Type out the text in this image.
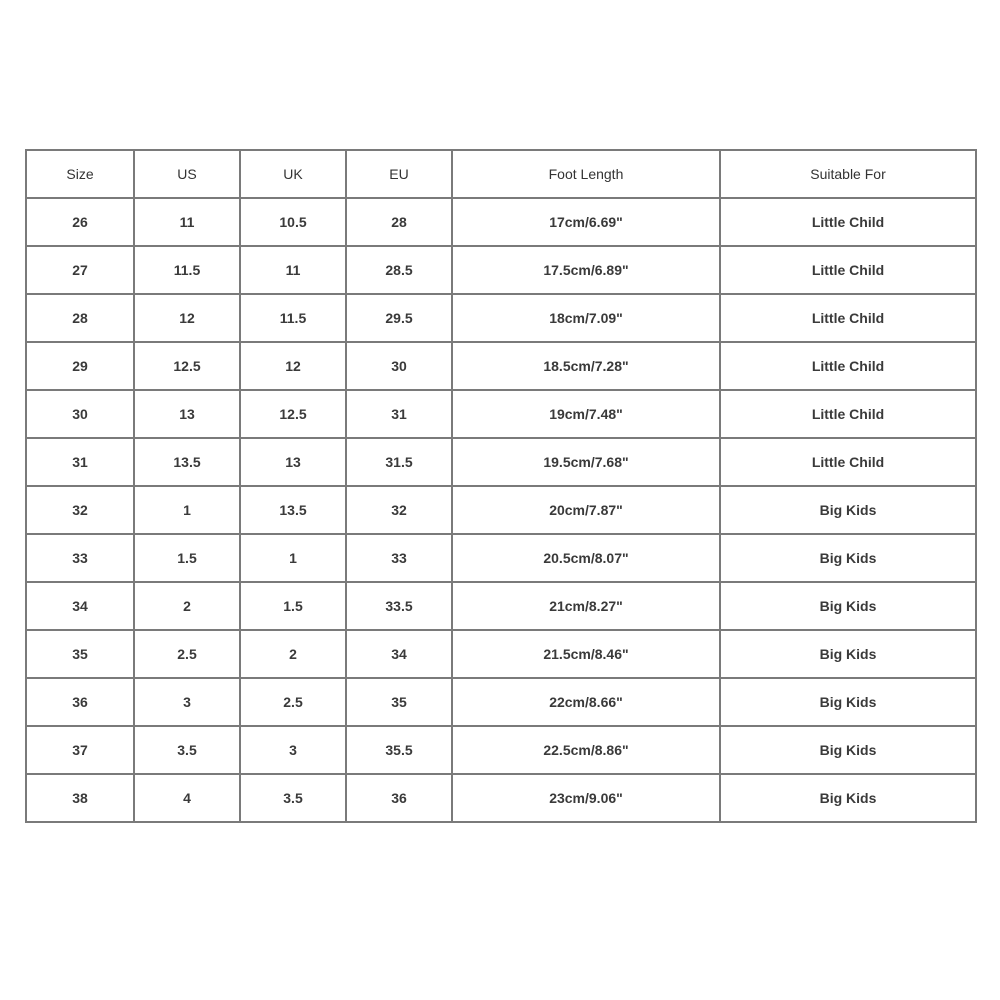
Size	US	UK	EU	Foot Length	Suitable For
26	11	10.5	28	17cm/6.69"	Little Child
27	11.5	11	28.5	17.5cm/6.89"	Little Child
28	12	11.5	29.5	18cm/7.09"	Little Child
29	12.5	12	30	18.5cm/7.28"	Little Child
30	13	12.5	31	19cm/7.48"	Little Child
31	13.5	13	31.5	19.5cm/7.68"	Little Child
32	1	13.5	32	20cm/7.87"	Big Kids
33	1.5	1	33	20.5cm/8.07"	Big Kids
34	2	1.5	33.5	21cm/8.27"	Big Kids
35	2.5	2	34	21.5cm/8.46"	Big Kids
36	3	2.5	35	22cm/8.66"	Big Kids
37	3.5	3	35.5	22.5cm/8.86"	Big Kids
38	4	3.5	36	23cm/9.06"	Big Kids
